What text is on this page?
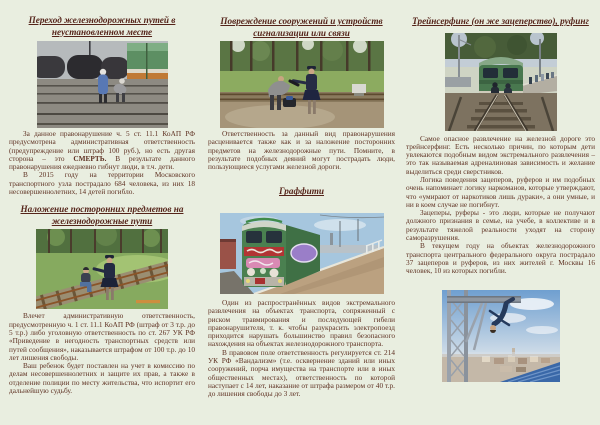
Переход железнодорожных путей в неустановленном месте

За данное правонарушение ч. 5 ст. 11.1 КоАП РФ предусмотрена административная ответственность (предупреждение или штраф 100 руб.), но есть другая сторона – это СМЕРТЬ. В результате данного правонарушения ежедневно гибнут люди, в т.ч. дети.

В 2015 году на территории Московского транспортного узла пострадало 684 человека, из них 18 несовершеннолетних, 14 детей погибло.

Наложение посторонних предметов на железнодорожные пути

Влечет административную ответственность, предусмотренную ч. 1 ст. 11.1 КоАП РФ (штраф от 3 т.р. до 5 т.р.) либо уголовную ответственность по ст. 267 УК РФ «Приведение в негодность транспортных средств или путей сообщения», наказывается штрафом от 100 т.р. до 10 лет лишения свободы.

Ваш ребенок будет поставлен на учет в комиссию по делам несовершеннолетних и защите их прав, а также в отделение полиции по месту жительства, что испортит его дальнейшую судьбу.

Повреждение сооружений и устройств сигнализации или связи

Ответственность за данный вид правонарушения расценивается также как и за наложение посторонних предметов на железнодорожные пути. Помните, в результате подобных деяний могут пострадать люди, пользующиеся услугами железной дороги.

Граффити

Один из распространённых видов экстремального развлечения на объектах транспорта, сопряженный с риском травмирования и последующей гибели правонарушителя, т. к. чтобы разукрасить электропоезд приходится нарушать большинство правил безопасного нахождения на объектах железнодорожного транспорта.

В правовом поле ответственность регулируется ст. 214 УК РФ «Вандализм» (т.е. осквернение зданий или иных сооружений, порча имущества на транспорте или в иных общественных местах), ответственность по которой наступает с 14 лет, наказание от штрафа размером от 40 т.р. до лишения свободы до 3 лет.

Трейнсерфинг (он же зацеперство), руфинг

Самое опасное развлечение на железной дороге это трейнсерфинг. Есть несколько причин, по которым дети увлекаются подобным видом экстремального развлечения – это так называемая адреналиновая зависимость и желание выделиться среди сверстников.

Логика поведения зацеперов, руферов и им подобных очень напоминает логику наркоманов, которые утверждают, что «умирают от наркотиков лишь дураки», а они умные, и ни в коем случае не погибнут.

Зацеперы, руферы - это люди, которые не получают должного признания в семье, на учебе, в коллективе и в результате тяжелой реальности уходят на сторону саморазрушения.

В текущем году на объектах железнодорожного транспорта центрального федерального округа пострадало 37 зацеперов и руферов, из них жителей г. Москвы 16 человек, 10 из которых погибли.
